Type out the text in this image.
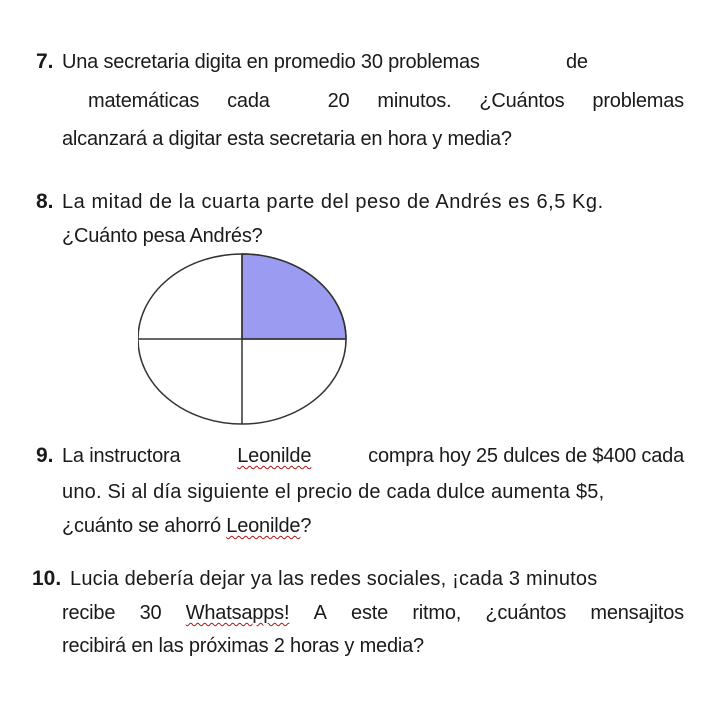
7. Una secretaria digita en promedio 30 problemas	de
matemáticas cada	20 minutos. ¿Cuántos problemas
alcanzará a digitar esta secretaria en hora y media?
8. La mitad de la cuarta parte del peso de Andrés es 6,5 Kg.
¿Cuánto pesa Andrés?
9. La instructora	Leonilde	compra hoy 25 dulces de $400 cada
uno. Si al día siguiente el precio de cada dulce aumenta $5,
¿cuánto se ahorró Leonilde?
10. Lucia debería dejar ya las redes sociales, ¡cada 3 minutos
recibe 30 Whatsapps! A este ritmo, ¿cuántos mensajitos
recibirá en las próximas 2 horas y media?
